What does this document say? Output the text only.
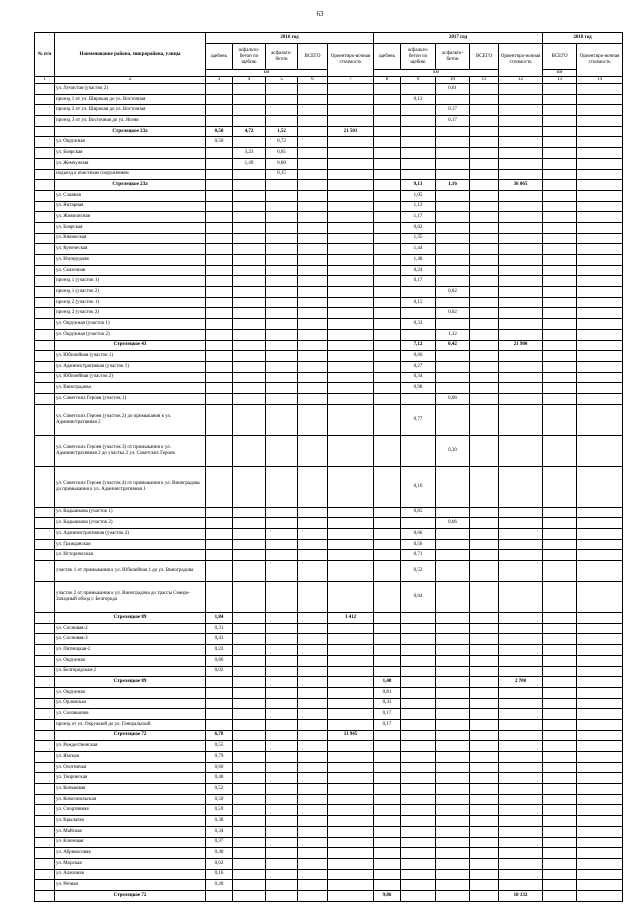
63
№ п/п	Наименование района, микрорайона, улицы	2016 год					2017 год					2018 год	
		щебень	асфальто-бетон по щебню	асфальто-бетон	ВСЕГО	Ориентиро-вочная стоимость	щебень	асфальто-бетон по щебню	асфальто-бетон	ВСЕГО	Ориентиро-вочная стоимость	ВСЕГО	Ориентиро-вочная стоимость
		км					км					км	
1	2	3	4	5	6	7	8	9	10	11	12	13	14
	ул. Лучистая (участок 2)								0,01				
	проезд 1 от ул. Широкая до ул. Восточная							0,13					
	проезд 2 от ул. Широкая до ул. Восточная								0,17				
	проезд 3 от ул. Восточная до ул. Ясеня								0,17				
	Стрелецкое 23а	0,50	4,72	1,52		21 501							
	ул. Окружная	0,50		0,72									
	ул. Боярская		3,23	0,05									
	ул. Жемчужная		1,49	0,60									
	подъезд к очистным сооружениям			0,15									
	Стрелецкое 23а							9,13	1,16		36 065		
	ул. Славная							1,05					
	ул. Янтарная							1,13					
	ул. Живописная							1,17					
	ул. Боярская							0,62					
	ул. Княжеская							1,35					
	ул. Купеческая							1,44					
	ул. Изумрудная							1,48					
	ул. Сказочная							0,24					
	проезд 1 (участок 1)							0,17					
	проезд 1 (участок 2)								0,02				
	проезд 2 (участок 1)							0,15					
	проезд 2 (участок 2)								0,02				
	ул. Окружная (участок 1)							0,33					
	ул. Окружная (участок 2)								1,12				
	Стрелецкое 43							7,12	0,42		21 900		
	ул. Юбилейная (участок 1)							0,66					
	ул. Административная (участок 1)							0,27					
	ул. Юбилейная (участок 2)							0,34					
	ул. Виноградова							0,98					
	ул. Советских Героев (участок 1)								0,06				
	ул. Советских Героев (участок 2) до примыкания к ул. Административная 2							0,77					
	ул. Советских Героев (участок 3) от примыкания к ул. Административная 2 до участка 2 ул. Советских Героев								0,30				
	ул. Советских Героев (участок 4) от примыкания к ул. Виноградова до примыкания к ул. Административная 1							0,16					
	ул. Кадышкова (участок 1)							0,85					
	ул. Кадышкова (участок 2)								0,06				
	ул. Административная (участок 2)							0,66					
	ул. Гражданская							0,56					
	ул. Историческая							0,71					
	участок 1 от примыкания к ул. Юбилейная 1 до ул. Виноградова							0,52					
	участок 2 от примыкания к ул. Виноградова до трассы Северо-Западный обход г. Белгорода							0,64					
	Стрелецкое 89	1,84				3 412							
	ул. Сосновая-2	0,31											
	ул. Сосновая-3	0,43											
	ул. Пятницкая-2	0,22											
	ул. Окружная	0,86											
	ул. Белгородская-2	0,02											
	Стрелецкое 89						1,48				2 700		
	ул. Окружная						0,81						
	ул. Орловская						0,33						
	ул. Соловьиная						0,17						
	проезд от ул. Окружной до ул. Генеральской						0,17						
	Стрелецкое 72	6,78				11 945							
	ул. Рождественская	0,55											
	ул. Ямская	0,79											
	ул. Охотничья	0,60											
	ул. Творческая	0,48											
	ул. Коньковая	0,52											
	ул. Комсомольская	0,50											
	ул. Спортивная	0,59											
	ул. Крылатая	0,38											
	ул. Майская	0,34											
	ул. Кленовая	0,37											
	ул. Абрикосовая	0,40											
	ул. Морская	0,62											
	ул. Алмазная	0,16											
	ул. Речная	0,49											
	Стрелецкое 72						9,86				18 132		
